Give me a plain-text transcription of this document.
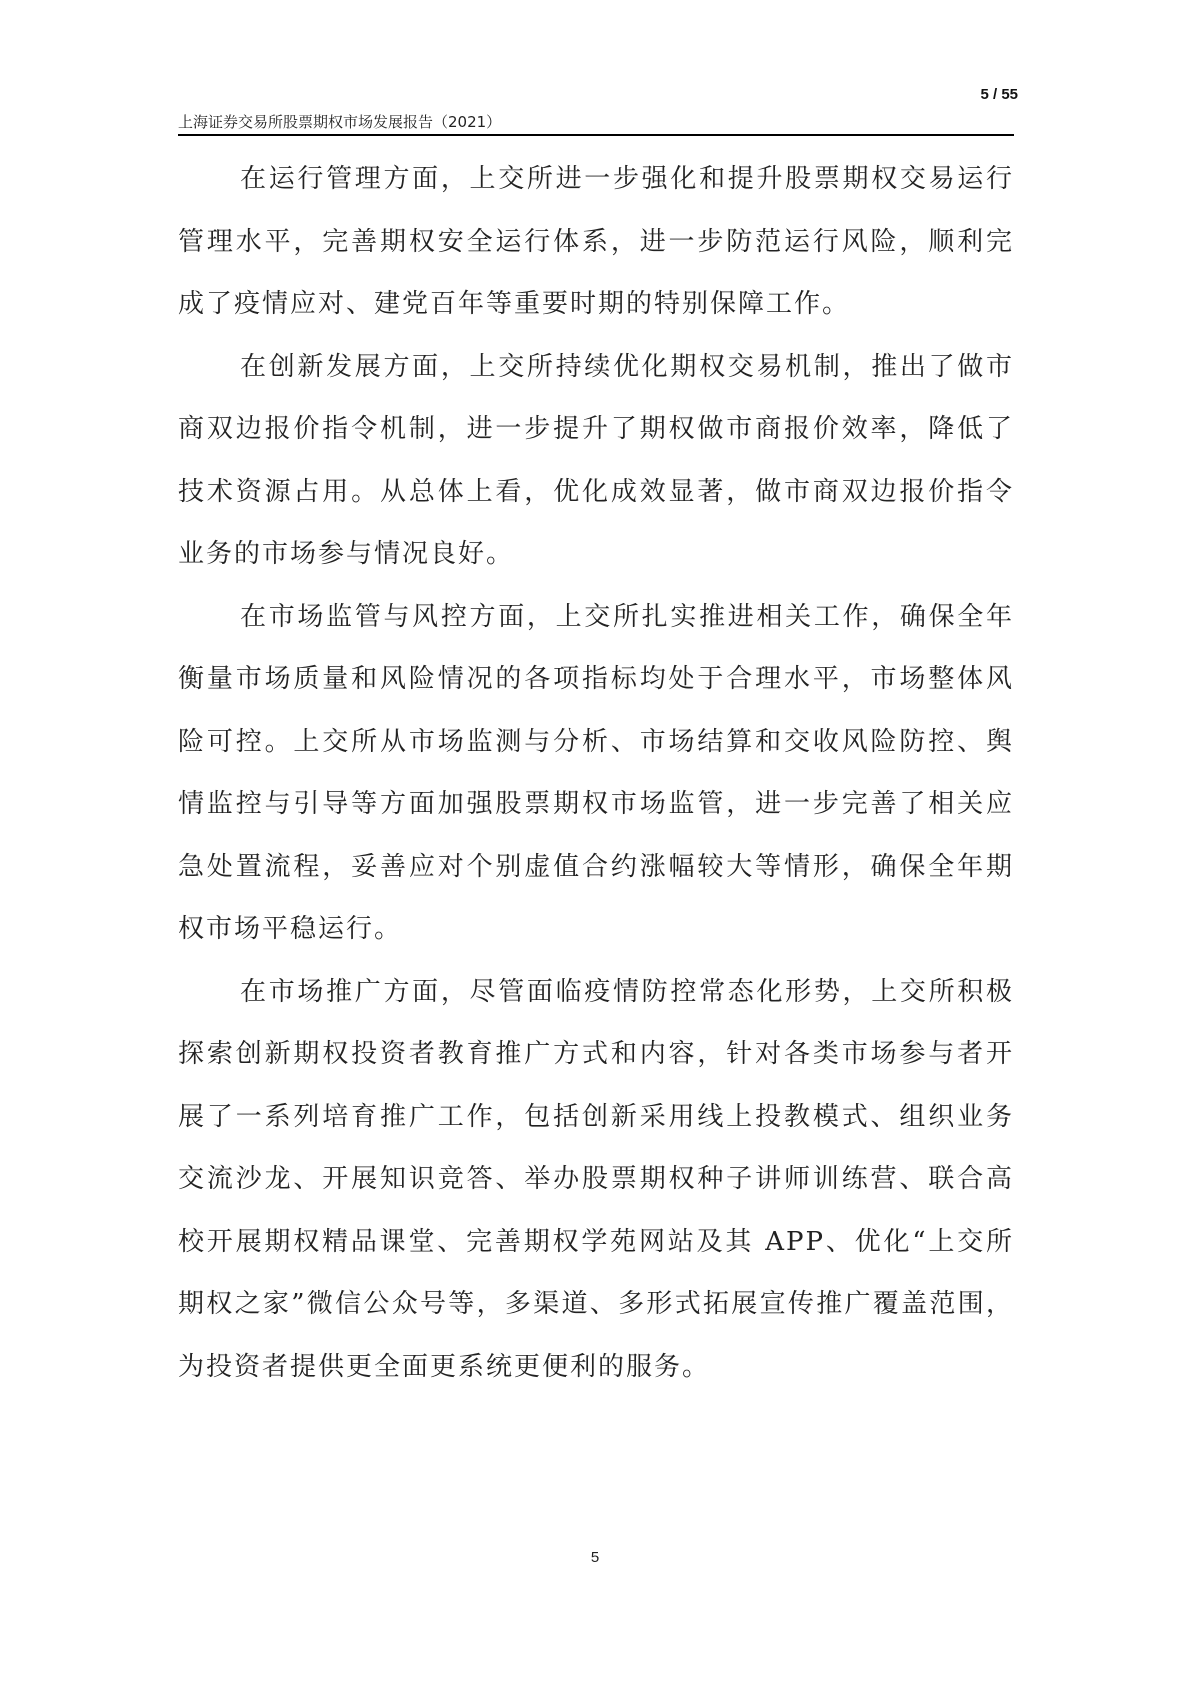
5 / 55
上海证券交易所股票期权市场发展报告（2021）

在运行管理方面，上交所进一步强化和提升股票期权交易运行管理水平，完善期权安全运行体系，进一步防范运行风险，顺利完成了疫情应对、建党百年等重要时期的特别保障工作。

在创新发展方面，上交所持续优化期权交易机制，推出了做市商双边报价指令机制，进一步提升了期权做市商报价效率，降低了技术资源占用。从总体上看，优化成效显著，做市商双边报价指令业务的市场参与情况良好。

在市场监管与风控方面，上交所扎实推进相关工作，确保全年衡量市场质量和风险情况的各项指标均处于合理水平，市场整体风险可控。上交所从市场监测与分析、市场结算和交收风险防控、舆情监控与引导等方面加强股票期权市场监管，进一步完善了相关应急处置流程，妥善应对个别虚值合约涨幅较大等情形，确保全年期权市场平稳运行。

在市场推广方面，尽管面临疫情防控常态化形势，上交所积极探索创新期权投资者教育推广方式和内容，针对各类市场参与者开展了一系列培育推广工作，包括创新采用线上投教模式、组织业务交流沙龙、开展知识竞答、举办股票期权种子讲师训练营、联合高校开展期权精品课堂、完善期权学苑网站及其 APP、优化“上交所期权之家”微信公众号等，多渠道、多形式拓展宣传推广覆盖范围，为投资者提供更全面更系统更便利的服务。

5
